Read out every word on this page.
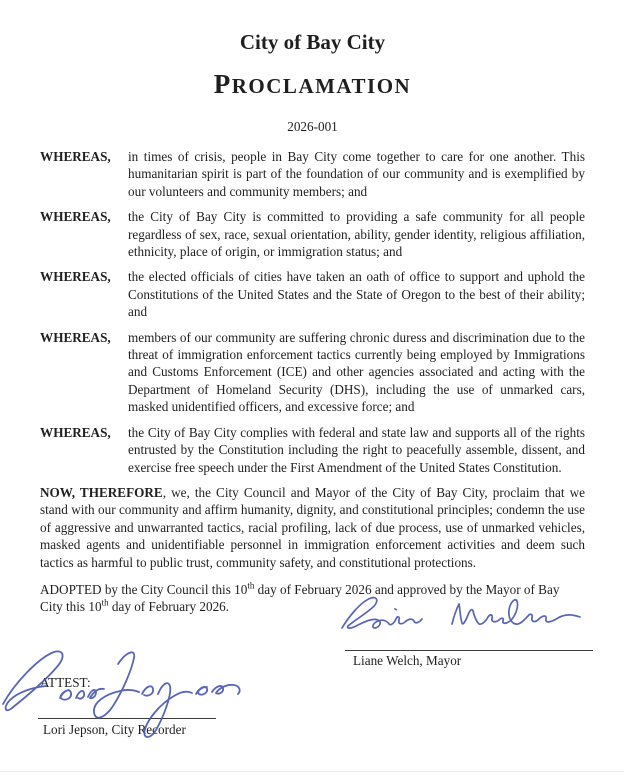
City of Bay City
PROCLAMATION
2026-001
WHEREAS, in times of crisis, people in Bay City come together to care for one another. This humanitarian spirit is part of the foundation of our community and is exemplified by our volunteers and community members; and
WHEREAS, the City of Bay City is committed to providing a safe community for all people regardless of sex, race, sexual orientation, ability, gender identity, religious affiliation, ethnicity, place of origin, or immigration status; and
WHEREAS, the elected officials of cities have taken an oath of office to support and uphold the Constitutions of the United States and the State of Oregon to the best of their ability; and
WHEREAS, members of our community are suffering chronic duress and discrimination due to the threat of immigration enforcement tactics currently being employed by Immigrations and Customs Enforcement (ICE) and other agencies associated and acting with the Department of Homeland Security (DHS), including the use of unmarked cars, masked unidentified officers, and excessive force; and
WHEREAS, the City of Bay City complies with federal and state law and supports all of the rights entrusted by the Constitution including the right to peacefully assemble, dissent, and exercise free speech under the First Amendment of the United States Constitution.
NOW, THEREFORE, we, the City Council and Mayor of the City of Bay City, proclaim that we stand with our community and affirm humanity, dignity, and constitutional principles; condemn the use of aggressive and unwarranted tactics, racial profiling, lack of due process, use of unmarked vehicles, masked agents and unidentifiable personnel in immigration enforcement activities and deem such tactics as harmful to public trust, community safety, and constitutional protections.
ADOPTED by the City Council this 10th day of February 2026 and approved by the Mayor of Bay City this 10th day of February 2026.
Liane Welch, Mayor
ATTEST:
Lori Jepson, City Recorder
